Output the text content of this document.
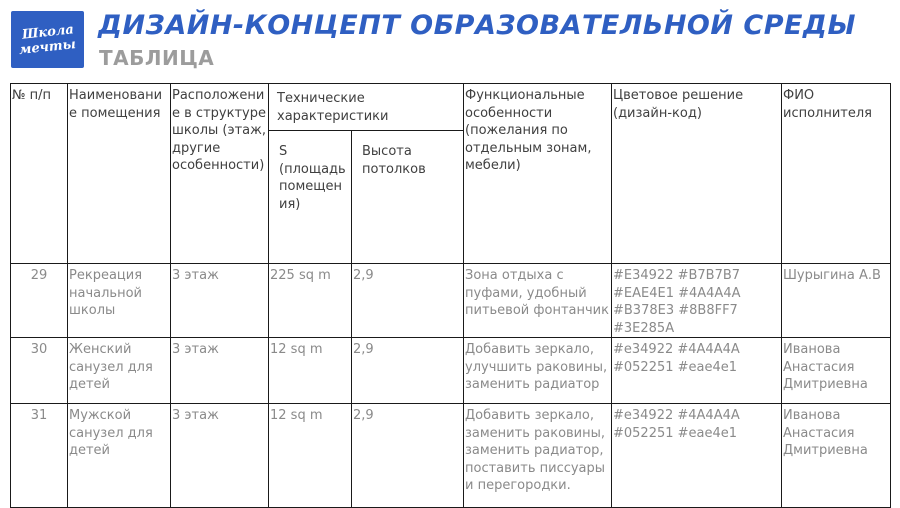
Школа
мечты
ДИЗАЙН-КОНЦЕПТ ОБРАЗОВАТЕЛЬНОЙ СРЕДЫ
ТАБЛИЦА
№ п/п	Наименование помещения	Расположение в структуре школы (этаж, другие особенности)	Технические характеристики		Функциональные особенности (пожелания по отдельным зонам, мебели)	Цветовое решение (дизайн-код)	ФИО исполнителя
			S (площадь помещения)	Высота потолков			
29	Рекреация начальной школы	3 этаж	225 sq m	2,9	Зона отдыха с пуфами, удобный питьевой фонтанчик	#E34922 #B7B7B7 #EAE4E1 #4A4A4A #B378E3 #8B8FF7 #3E285A	Шурыгина А.В
30	Женский санузел для детей	3 этаж	12 sq m	2,9	Добавить зеркало, улучшить раковины, заменить радиатор	#e34922 #4A4A4A #052251 #eae4e1	Иванова Анастасия Дмитриевна
31	Мужской санузел для детей	3 этаж	12 sq m	2,9	Добавить зеркало, заменить раковины, заменить радиатор, поставить писсуары и перегородки.	#e34922 #4A4A4A #052251 #eae4e1	Иванова Анастасия Дмитриевна
